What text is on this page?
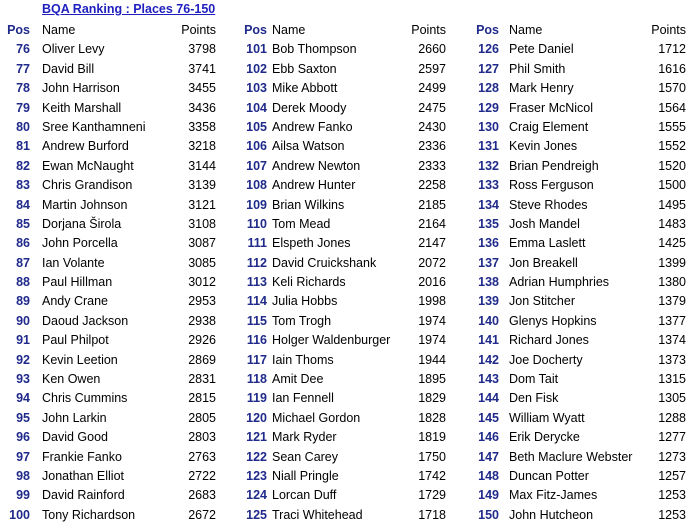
BQA Ranking : Places 76-150
Pos Name	Points
76 Oliver Levy	3798
77 David Bill	3741
78 John Harrison	3455
79 Keith Marshall	3436
80 Sree Kanthamneni	3358
81 Andrew Burford	3218
82 Ewan McNaught	3144
83 Chris Grandison	3139
84 Martin Johnson	3121
85 Dorjana Širola	3108
86 John Porcella	3087
87 Ian Volante	3085
88 Paul Hillman	3012
89 Andy Crane	2953
90 Daoud Jackson	2938
91 Paul Philpot	2926
92 Kevin Leetion	2869
93 Ken Owen	2831
94 Chris Cummins	2815
95 John Larkin	2805
96 David Good	2803
97 Frankie Fanko	2763
98 Jonathan Elliot	2722
99 David Rainford	2683
100 Tony Richardson	2672
Pos Name	Points
101 Bob Thompson	2660
102 Ebb Saxton	2597
103 Mike Abbott	2499
104 Derek Moody	2475
105 Andrew Fanko	2430
106 Ailsa Watson	2336
107 Andrew Newton	2333
108 Andrew Hunter	2258
109 Brian Wilkins	2185
110 Tom Mead	2164
111 Elspeth Jones	2147
112 David Cruickshank	2072
113 Keli Richards	2016
114 Julia Hobbs	1998
115 Tom Trogh	1974
116 Holger Waldenburger	1974
117 Iain Thoms	1944
118 Amit Dee	1895
119 Ian Fennell	1829
120 Michael Gordon	1828
121 Mark Ryder	1819
122 Sean Carey	1750
123 Niall Pringle	1742
124 Lorcan Duff	1729
125 Traci Whitehead	1718
Pos Name	Points
126 Pete Daniel	1712
127 Phil Smith	1616
128 Mark Henry	1570
129 Fraser McNicol	1564
130 Craig Element	1555
131 Kevin Jones	1552
132 Brian Pendreigh	1520
133 Ross Ferguson	1500
134 Steve Rhodes	1495
135 Josh Mandel	1483
136 Emma Laslett	1425
137 Jon Breakell	1399
138 Adrian Humphries	1380
139 Jon Stitcher	1379
140 Glenys Hopkins	1377
141 Richard Jones	1374
142 Joe Docherty	1373
143 Dom Tait	1315
144 Den Fisk	1305
145 William Wyatt	1288
146 Erik Derycke	1277
147 Beth Maclure Webster	1273
148 Duncan Potter	1257
149 Max Fitz-James	1253
150 John Hutcheon	1253
